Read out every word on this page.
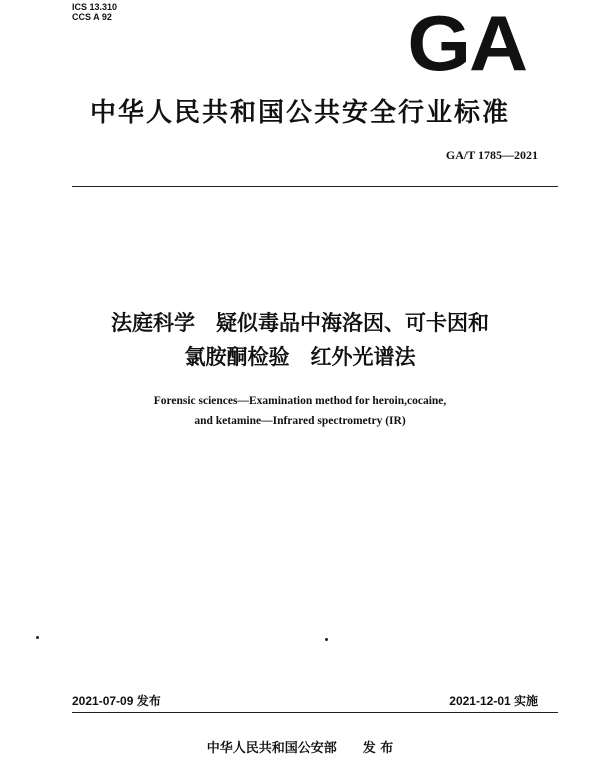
ICS 13.310
CCS A 92	GA
中华人民共和国公共安全行业标准
GA/T 1785—2021
法庭科学　疑似毒品中海洛因、可卡因和
氯胺酮检验　红外光谱法
Forensic sciences—Examination method for heroin,cocaine,
and ketamine—Infrared spectrometry (IR)
2021-07-09 发布	2021-12-01 实施
中华人民共和国公安部 发 布
